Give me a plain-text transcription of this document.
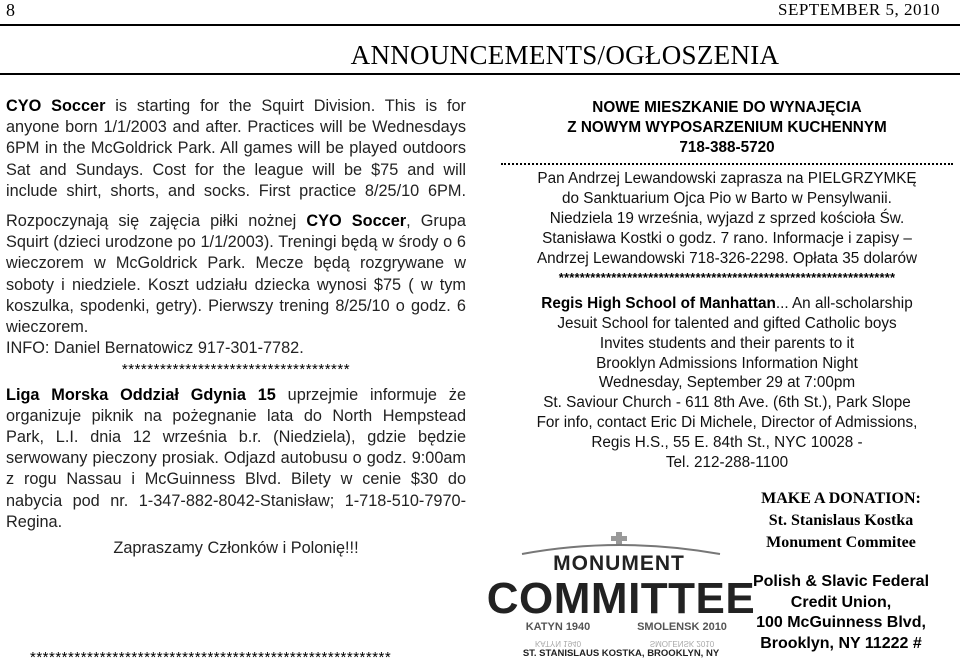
8	SEPTEMBER 5, 2010
ANNOUNCEMENTS/OGŁOSZENIA

CYO Soccer is starting for the Squirt Division. This is for anyone born 1/1/2003 and after. Practices will be Wednesdays 6PM in the McGoldrick Park. All games will be played outdoors Sat and Sundays. Cost for the league will be $75 and will include shirt, shorts, and socks. First practice 8/25/10 6PM.

Rozpoczynają się zajęcia piłki nożnej CYO Soccer, Grupa Squirt (dzieci urodzone po 1/1/2003). Treningi będą w środy o 6 wieczorem w McGoldrick Park. Mecze będą rozgrywane w soboty i niedziele. Koszt udziału dziecka wynosi $75 ( w tym koszulka, spodenki, getry). Pierwszy trening 8/25/10 o godz. 6 wieczorem.

INFO: Daniel Bernatowicz 917-301-7782.

************************************

Liga Morska Oddział Gdynia 15 uprzejmie informuje że organizuje piknik na pożegnanie lata do North Hempstead Park, L.I. dnia 12 września b.r. (Niedziela), gdzie będzie serwowany pieczony prosiak. Odjazd autobusu o godz. 9:00am z rogu Nassau i McGuinness Blvd. Bilety w cenie $30 do nabycia pod nr. 1-347-882-8042-Stanisław; 1-718-510-7970-Regina.

Zapraszamy Członków i Polonię!!!

*********************************************************

NOWE MIESZKANIE DO WYNAJĘCIA

Z NOWYM WYPOSARZENIUM KUCHENNYM

718-388-5720

Pan Andrzej Lewandowski zaprasza na PIELGRZYMKĘ

do Sanktuarium Ojca Pio w Barto w Pensylwanii.

Niedziela 19 września, wyjazd z sprzed kościoła Św.

Stanisława Kostki o godz. 7 rano. Informacje i zapisy –

Andrzej Lewandowski 718-326-2298. Opłata 35 dolarów

****************************************************************

Regis High School of Manhattan... An all-scholarship

Jesuit School for talented and gifted Catholic boys

Invites students and their parents to it

Brooklyn Admissions Information Night

Wednesday, September 29 at 7:00pm

St. Saviour Church - 611 8th Ave. (6th St.), Park Slope

For info, contact Eric Di Michele, Director of Admissions,

Regis H.S., 55 E. 84th St., NYC 10028 -

Tel. 212-288-1100

MAKE A DONATION:
St. Stanislaus Kostka
Monument Commitee
Polish & Slavic Federal
Credit Union,
100 McGuinness Blvd,
Brooklyn, NY 11222 #
MONUMENT
COMMITTEE
KATYN 1940	SMOLENSK 2010
KATYN 1940	SMOLENSK 2010
ST. STANISLAUS KOSTKA, BROOKLYN, NY
